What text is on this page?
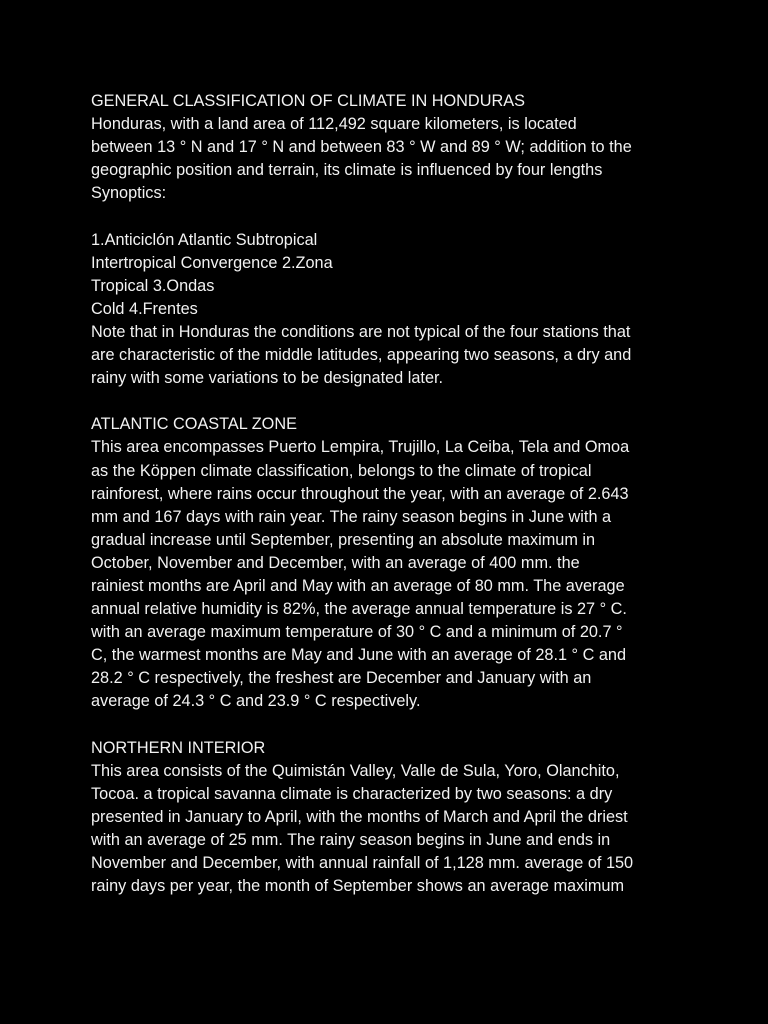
GENERAL CLASSIFICATION OF CLIMATE IN HONDURAS
Honduras, with a land area of 112,492 square kilometers, is located
between 13 ° N and 17 ° N and between 83 ° W and 89 ° W; addition to the
geographic position and terrain, its climate is influenced by four lengths
Synoptics:
1.Anticiclón Atlantic Subtropical
Intertropical Convergence 2.Zona
Tropical 3.Ondas
Cold 4.Frentes
Note that in Honduras the conditions are not typical of the four stations that
are characteristic of the middle latitudes, appearing two seasons, a dry and
rainy with some variations to be designated later.
ATLANTIC COASTAL ZONE
This area encompasses Puerto Lempira, Trujillo, La Ceiba, Tela and Omoa
as the Köppen climate classification, belongs to the climate of tropical
rainforest, where rains occur throughout the year, with an average of 2.643
mm and 167 days with rain year. The rainy season begins in June with a
gradual increase until September, presenting an absolute maximum in
October, November and December, with an average of 400 mm. the
rainiest months are April and May with an average of 80 mm. The average
annual relative humidity is 82%, the average annual temperature is 27 ° C.
with an average maximum temperature of 30 ° C and a minimum of 20.7 °
C, the warmest months are May and June with an average of 28.1 ° C and
28.2 ° C respectively, the freshest are December and January with an
average of 24.3 ° C and 23.9 ° C respectively.
NORTHERN INTERIOR
This area consists of the Quimistán Valley, Valle de Sula, Yoro, Olanchito,
Tocoa. a tropical savanna climate is characterized by two seasons: a dry
presented in January to April, with the months of March and April the driest
with an average of 25 mm. The rainy season begins in June and ends in
November and December, with annual rainfall of 1,128 mm. average of 150
rainy days per year, the month of September shows an average maximum
